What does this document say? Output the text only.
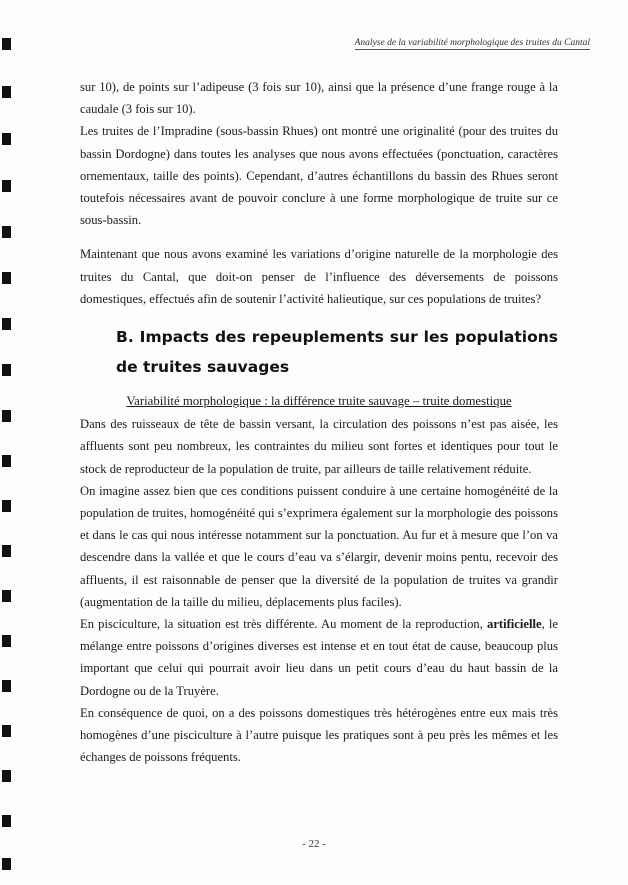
Analyse de la variabilité morphologique des truites du Cantal

sur 10), de points sur l’adipeuse (3 fois sur 10), ainsi que la présence d’une frange rouge à la caudale (3 fois sur 10).

Les truites de l’Impradine (sous-bassin Rhues) ont montré une originalité (pour des truites du bassin Dordogne) dans toutes les analyses que nous avons effectuées (ponctuation, caractères ornementaux, taille des points). Cependant, d’autres échantillons du bassin des Rhues seront toutefois nécessaires avant de pouvoir conclure à une forme morphologique de truite sur ce sous-bassin.

Maintenant que nous avons examiné les variations d’origine naturelle de la morphologie des truites du Cantal, que doit-on penser de l’influence des déversements de poissons domestiques, effectués afin de soutenir l’activité halieutique, sur ces populations de truites?

B. Impacts des repeuplements sur les populations de truites sauvages

Variabilité morphologique : la différence truite sauvage – truite domestique

Dans des ruisseaux de tête de bassin versant, la circulation des poissons n’est pas aisée, les affluents sont peu nombreux, les contraintes du milieu sont fortes et identiques pour tout le stock de reproducteur de la population de truite, par ailleurs de taille relativement réduite.

On imagine assez bien que ces conditions puissent conduire à une certaine homogénéité de la population de truites, homogénéité qui s’exprimera également sur la morphologie des poissons et dans le cas qui nous intéresse notamment sur la ponctuation. Au fur et à mesure que l’on va descendre dans la vallée et que le cours d’eau va s’élargir, devenir moins pentu, recevoir des affluents, il est raisonnable de penser que la diversité de la population de truites va grandir (augmentation de la taille du milieu, déplacements plus faciles).

En pisciculture, la situation est très différente. Au moment de la reproduction, artificielle, le mélange entre poissons d’origines diverses est intense et en tout état de cause, beaucoup plus important que celui qui pourrait avoir lieu dans un petit cours d’eau du haut bassin de la Dordogne ou de la Truyère.

En conséquence de quoi, on a des poissons domestiques très hétérogènes entre eux mais très homogènes d’une pisciculture à l’autre puisque les pratiques sont à peu près les mêmes et les échanges de poissons fréquents.

- 22 -
